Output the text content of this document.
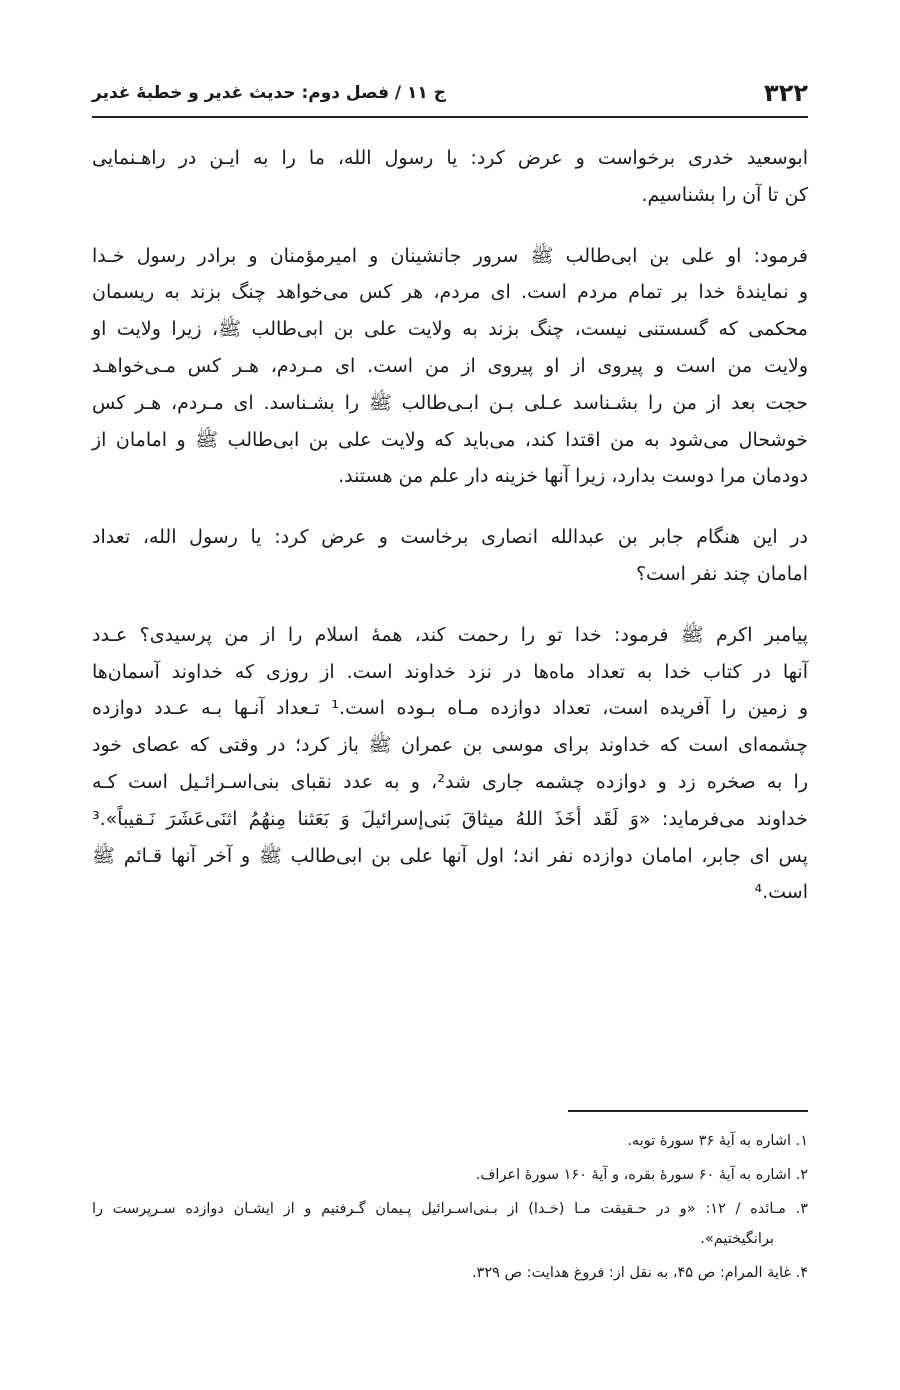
۳۲۲
ج ۱۱ / فصل دوم: حدیث غدیر و خطبهٔ غدیر

ابوسعید خدری برخواست و عرض کرد: یا رسول الله، ما را به ایـن در راهـنمایی
کن تا آن را بشناسیم.

فرمود: او علی بن ابی‌طالب ﷺ سرور جانشینان و امیرمؤمنان و برادر رسول خـدا
و نمایندهٔ خدا بر تمام مردم است. ای مردم، هر کس می‌خواهد چنگ بزند به ریسمان
محکمی که گسستنی نیست، چنگ بزند به ولایت علی بن ابی‌طالب ﷺ، زیرا ولایت او
ولایت من است و پیروی از او پیروی از من است. ای مـردم، هـر کس مـی‌خواهـد
حجت بعد از من را بشـناسد عـلی بـن ابـی‌طالب ﷺ را بشـناسد. ای مـردم، هـر کس
خوشحال می‌شود به من اقتدا کند، می‌باید که ولایت علی بن ابی‌طالب ﷺ و امامان از
دودمان مرا دوست بدارد، زیرا آنها خزینه دار علم من هستند.

در این هنگام جابر بن عبدالله انصاری برخاست و عرض کرد: یا رسول الله، تعداد
امامان چند نفر است؟

پیامبر اکرم ﷺ فرمود: خدا تو را رحمت کند، همهٔ اسلام را از من پرسیدی؟ عـدد
آنها در کتاب خدا به تعداد ماه‌ها در نزد خداوند است. از روزی که خداوند آسمان‌ها
و زمین را آفریده است، تعداد دوازده مـاه بـوده است.¹ تـعداد آنـها بـه عـدد دوازده
چشمه‌ای است که خداوند برای موسی بن عمران ﷺ باز کرد؛ در وقتی که عصای خود
را به صخره زد و دوازده چشمه جاری شد²، و به عدد نقبای بنی‌اسـرائـیل است کـه
خداوند می‌فرماید: «وَ لَقَد أخَذَ اللهُ میثاقَ بَنی‌إسرائیلَ وَ بَعَثنا مِنهُمُ اثنَی‌عَشَرَ نَـقیباً».³
پس ای جابر، امامان دوازده نفر اند؛ اول آنها علی بن ابی‌طالب ﷺ و آخر آنها قـائم ﷺ
است.⁴

۱. اشاره به آیهٔ ۳۶ سورهٔ توبه.
۲. اشاره به آیهٔ ۶۰ سورهٔ بقره، و آیهٔ ۱۶۰ سورهٔ اعراف.
۳. مـائده / ۱۲: «و در حـقیقت مـا (خـدا) از بـنی‌اسـرائیل پـیمان گـرفتیم و از ایشـان دوازده سـرپرست را
برانگیختیم».
۴. غایة المرام: ص ۴۵، به نقل از: فروغ هدایت: ص ۳۲۹.
